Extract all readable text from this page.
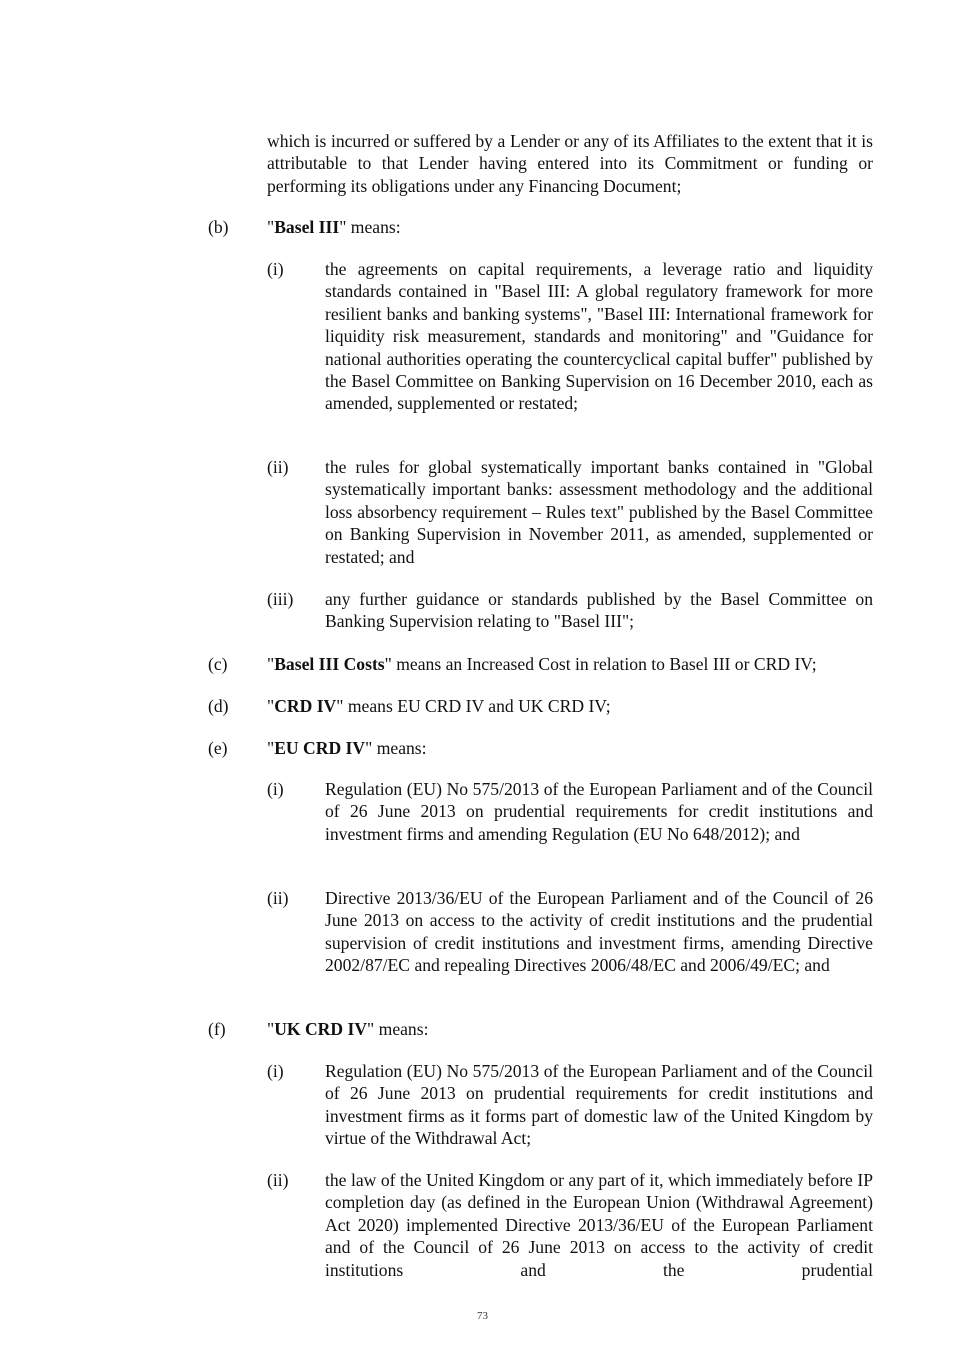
which is incurred or suffered by a Lender or any of its Affiliates to the extent that it is attributable to that Lender having entered into its Commitment or funding or performing its obligations under any Financing Document;
(b) "Basel III" means:
(i) the agreements on capital requirements, a leverage ratio and liquidity standards contained in "Basel III: A global regulatory framework for more resilient banks and banking systems", "Basel III: International framework for liquidity risk measurement, standards and monitoring" and "Guidance for national authorities operating the countercyclical capital buffer" published by the Basel Committee on Banking Supervision on 16 December 2010, each as amended, supplemented or restated;
(ii) the rules for global systematically important banks contained in "Global systematically important banks: assessment methodology and the additional loss absorbency requirement – Rules text" published by the Basel Committee on Banking Supervision in November 2011, as amended, supplemented or restated; and
(iii) any further guidance or standards published by the Basel Committee on Banking Supervision relating to "Basel III";
(c) "Basel III Costs" means an Increased Cost in relation to Basel III or CRD IV;
(d) "CRD IV" means EU CRD IV and UK CRD IV;
(e) "EU CRD IV" means:
(i) Regulation (EU) No 575/2013 of the European Parliament and of the Council of 26 June 2013 on prudential requirements for credit institutions and investment firms and amending Regulation (EU No 648/2012); and
(ii) Directive 2013/36/EU of the European Parliament and of the Council of 26 June 2013 on access to the activity of credit institutions and the prudential supervision of credit institutions and investment firms, amending Directive 2002/87/EC and repealing Directives 2006/48/EC and 2006/49/EC; and
(f) "UK CRD IV" means:
(i) Regulation (EU) No 575/2013 of the European Parliament and of the Council of 26 June 2013 on prudential requirements for credit institutions and investment firms as it forms part of domestic law of the United Kingdom by virtue of the Withdrawal Act;
(ii) the law of the United Kingdom or any part of it, which immediately before IP completion day (as defined in the European Union (Withdrawal Agreement) Act 2020) implemented Directive 2013/36/EU of the European Parliament and of the Council of 26 June 2013 on access to the activity of credit institutions and the prudential
73
